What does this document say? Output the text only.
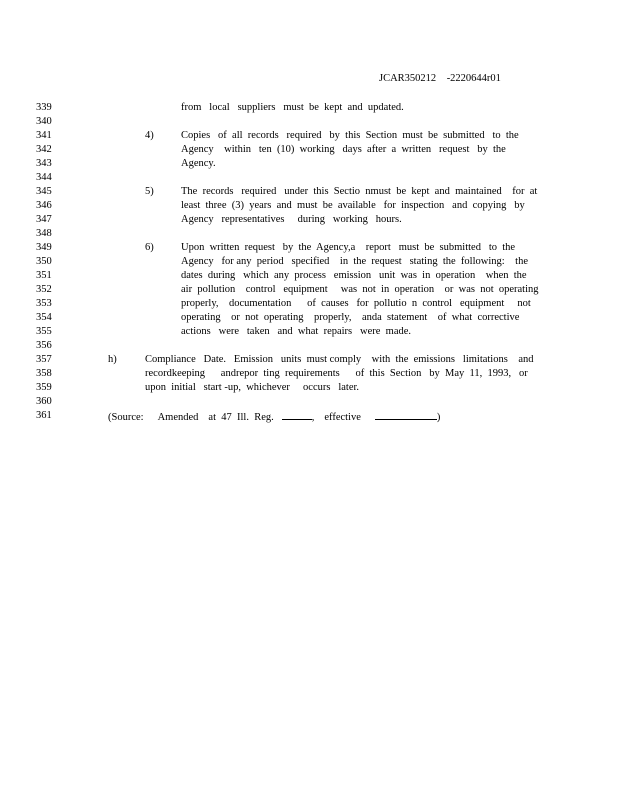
JCAR350212 -2220644r01
339	from   local   suppliers   must  be  kept  and  updated.
340
341	4)	Copies   of  all  records   required   by  this  Section  must  be  submitted   to  the
342	Agency    within   ten  (10)  working   days  after  a  written   request   by  the
343	Agency.
344
345	5)	The  records   required   under  this  Sectio  nmust  be  kept  and  maintained    for  at
346	least  three  (3)  years  and  must  be  available   for  inspection   and  copying   by
347	Agency   representatives     during   working   hours.
348
349	6)	Upon  written  request   by  the  Agency,a    report   must  be  submitted   to  the
350	Agency   for any  period   specified    in  the  request   stating  the  following:    the
351	dates  during   which  any  process   emission   unit  was  in  operation    when  the
352	air  pollution    control   equipment     was  not  in  operation    or  was  not  operating
353	properly,    documentation      of  causes   for  pollutio  n  control   equipment     not
354	operating    or  not  operating    properly,    anda  statement    of  what  corrective
355	actions   were   taken   and  what  repairs   were  made.
356
357	h)	Compliance   Date.   Emission   units  must comply    with  the  emissions   limitations    and
358	recordkeeping      andrepor  ting  requirements      of  this  Section   by  May  11,  1993,   or
359	upon  initial   start -up,  whichever     occurs   later.
360
361	(Source: Amended at  47  Ill.  Reg.	, effective	)
